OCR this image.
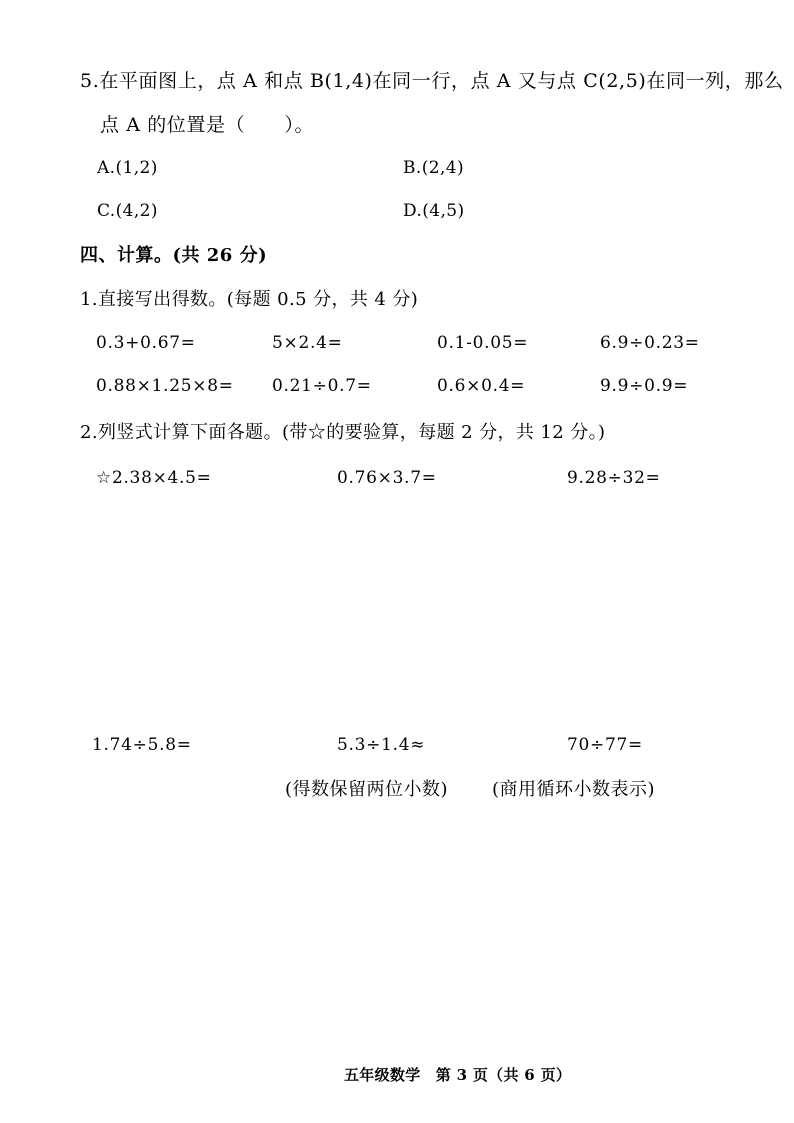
5.在平面图上，点 A 和点 B(1,4)在同一行，点 A 又与点 C(2,5)在同一列，那么
点 A 的位置是（　　）。
A.(1,2)	B.(2,4)
C.(4,2)	D.(4,5)
四、计算。(共 26 分)
1.直接写出得数。(每题 0.5 分，共 4 分)
0.3+0.67=	5×2.4=	0.1-0.05=	6.9÷0.23=
0.88×1.25×8= 0.21÷0.7=	0.6×0.4=	9.9÷0.9=
2.列竖式计算下面各题。(带☆的要验算，每题 2 分，共 12 分。)
☆2.38×4.5=	0.76×3.7=	9.28÷32=
1.74÷5.8=	5.3÷1.4≈	70÷77=
(得数保留两位小数) (商用循环小数表示)
五年级数学　第 3 页（共 6 页）
